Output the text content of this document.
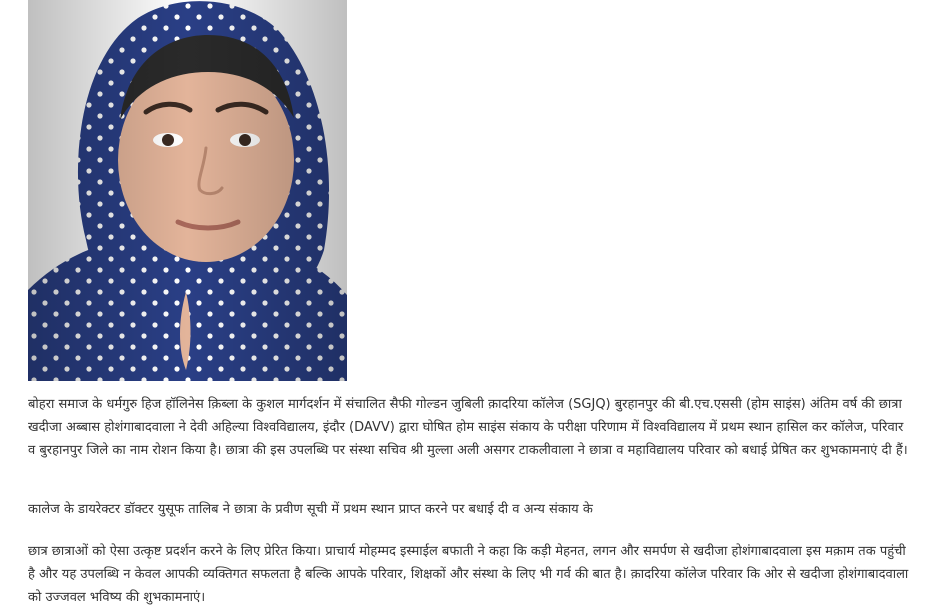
बोहरा समाज के धर्मगुरु हिज हॉलिनेस क़िब्ला के कुशल मार्गदर्शन में संचालित सैफी गोल्डन जुबिली क़ादरिया कॉलेज (SGJQ) बुरहानपुर की बी.एच.एससी (होम साइंस) अंतिम वर्ष की छात्रा खदीजा अब्बास होशंगाबादवाला ने देवी अहिल्या विश्वविद्यालय, इंदौर (DAVV) द्वारा घोषित होम साइंस संकाय के परीक्षा परिणाम में विश्वविद्यालय में प्रथम स्थान हासिल कर कॉलेज, परिवार व बुरहानपुर जिले का नाम रोशन किया है। छात्रा की इस उपलब्धि पर संस्था सचिव श्री मुल्ला अली असगर टाकलीवाला ने छात्रा व महाविद्यालय परिवार को बधाई प्रेषित कर शुभकामनाएं दी हैं।

कालेज के डायरेक्टर डॉक्टर युसूफ तालिब ने छात्रा के प्रवीण सूची में प्रथम स्थान प्राप्त करने पर बधाई दी व अन्य संकाय के

छात्र छात्राओं को ऐसा उत्कृष्ट प्रदर्शन करने के लिए प्रेरित किया। प्राचार्य मोहम्मद इस्माईल बफाती ने कहा कि कड़ी मेहनत, लगन और समर्पण से खदीजा होशंगाबादवाला इस मक़ाम तक पहुंची है और यह उपलब्धि न केवल आपकी व्यक्तिगत सफलता है बल्कि आपके परिवार, शिक्षकों और संस्था के लिए भी गर्व की बात है। क़ादरिया कॉलेज परिवार कि ओर से खदीजा होशंगाबादवाला को उज्जवल भविष्य की शुभकामनाएं।
